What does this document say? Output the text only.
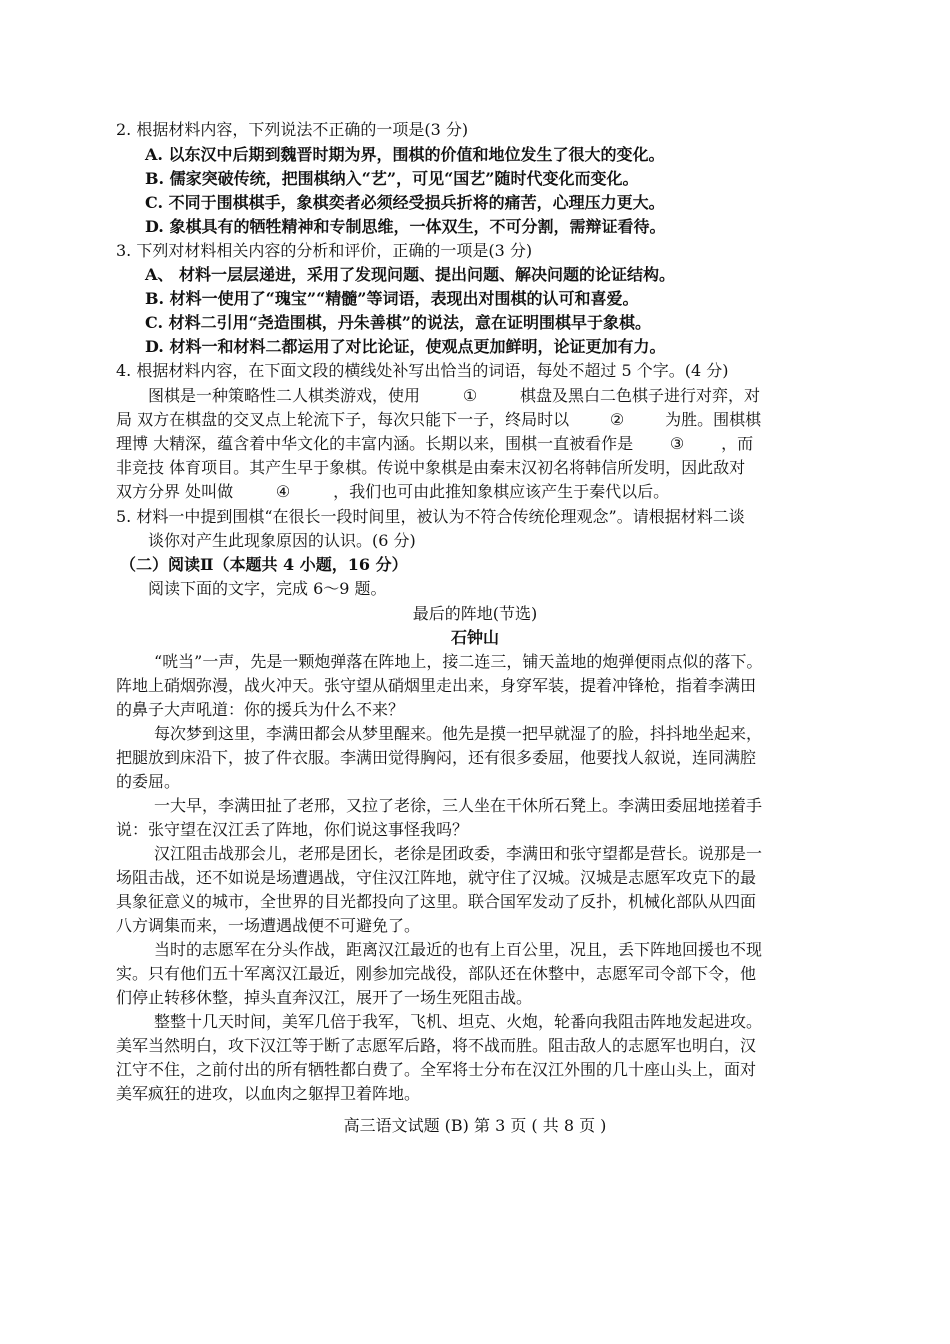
2. 根据材料内容，下列说法不正确的一项是(3 分)
A. 以东汉中后期到魏晋时期为界，围棋的价值和地位发生了很大的变化。
B. 儒家突破传统，把围棋纳入“艺”，可见“国艺”随时代变化而变化。
C. 不同于围棋棋手，象棋奕者必须经受损兵折将的痛苦，心理压力更大。
D. 象棋具有的牺牲精神和专制思维，一体双生，不可分割，需辩证看待。
3. 下列对材料相关内容的分析和评价，正确的一项是(3 分)
A、 材料一层层递进，采用了发现问题、提出问题、解决问题的论证结构。
B. 材料一使用了“瑰宝”“精髓”等词语，表现出对围棋的认可和喜爱。
C. 材料二引用“尧造围棋，丹朱善棋”的说法，意在证明围棋早于象棋。
D. 材料一和材料二都运用了对比论证，使观点更加鲜明，论证更加有力。
4. 根据材料内容，在下面文段的横线处补写出恰当的词语，每处不超过 5 个字。(4 分)
图棋是一种策略性二人棋类游戏，使用	①	棋盘及黑白二色棋子进行对弈，对
局 双方在棋盘的交叉点上轮流下子，每次只能下一子，终局时以	②	为胜。围棋棋
理博 大精深，蕴含着中华文化的丰富内涵。长期以来，围棋一直被看作是 ③ ，而
非竞技 体育项目。其产生早于象棋。传说中象棋是由秦末汉初名将韩信所发明，因此敌对
双方分界 处叫做	④	，我们也可由此推知象棋应该产生于秦代以后。
5. 材料一中提到围棋“在很长一段时间里，被认为不符合传统伦理观念”。请根据材料二谈
谈你对产生此现象原因的认识。(6 分)
（二）阅读Ⅱ（本题共 4 小题，16 分）
阅读下面的文字，完成 6～9 题。
最后的阵地(节选)
石钟山
“咣当”一声，先是一颗炮弹落在阵地上，接二连三，铺天盖地的炮弹便雨点似的落下。
阵地上硝烟弥漫，战火冲天。张守望从硝烟里走出来，身穿军装，提着冲锋枪，指着李满田
的鼻子大声吼道：你的援兵为什么不来？
每次梦到这里，李满田都会从梦里醒来。他先是摸一把早就湿了的脸，抖抖地坐起来，
把腿放到床沿下，披了件衣服。李满田觉得胸闷，还有很多委屈，他要找人叙说，连同满腔
的委屈。
一大早，李满田扯了老邢，又拉了老徐，三人坐在干休所石凳上。李满田委屈地搓着手
说：张守望在汉江丢了阵地，你们说这事怪我吗？
汉江阻击战那会儿，老邢是团长，老徐是团政委，李满田和张守望都是营长。说那是一
场阻击战，还不如说是场遭遇战，守住汉江阵地，就守住了汉城。汉城是志愿军攻克下的最
具象征意义的城市，全世界的目光都投向了这里。联合国军发动了反扑，机械化部队从四面
八方调集而来，一场遭遇战便不可避免了。
当时的志愿军在分头作战，距离汉江最近的也有上百公里，况且，丢下阵地回援也不现
实。只有他们五十军离汉江最近，刚参加完战役，部队还在休整中，志愿军司令部下令，他
们停止转移休整，掉头直奔汉江，展开了一场生死阻击战。
整整十几天时间，美军几倍于我军，飞机、坦克、火炮，轮番向我阻击阵地发起进攻。
美军当然明白，攻下汉江等于断了志愿军后路，将不战而胜。阻击敌人的志愿军也明白，汉
江守不住，之前付出的所有牺牲都白费了。全军将士分布在汉江外围的几十座山头上，面对
美军疯狂的进攻，以血肉之躯捍卫着阵地。
高三语文试题 (B) 第 3 页 ( 共 8 页 )
